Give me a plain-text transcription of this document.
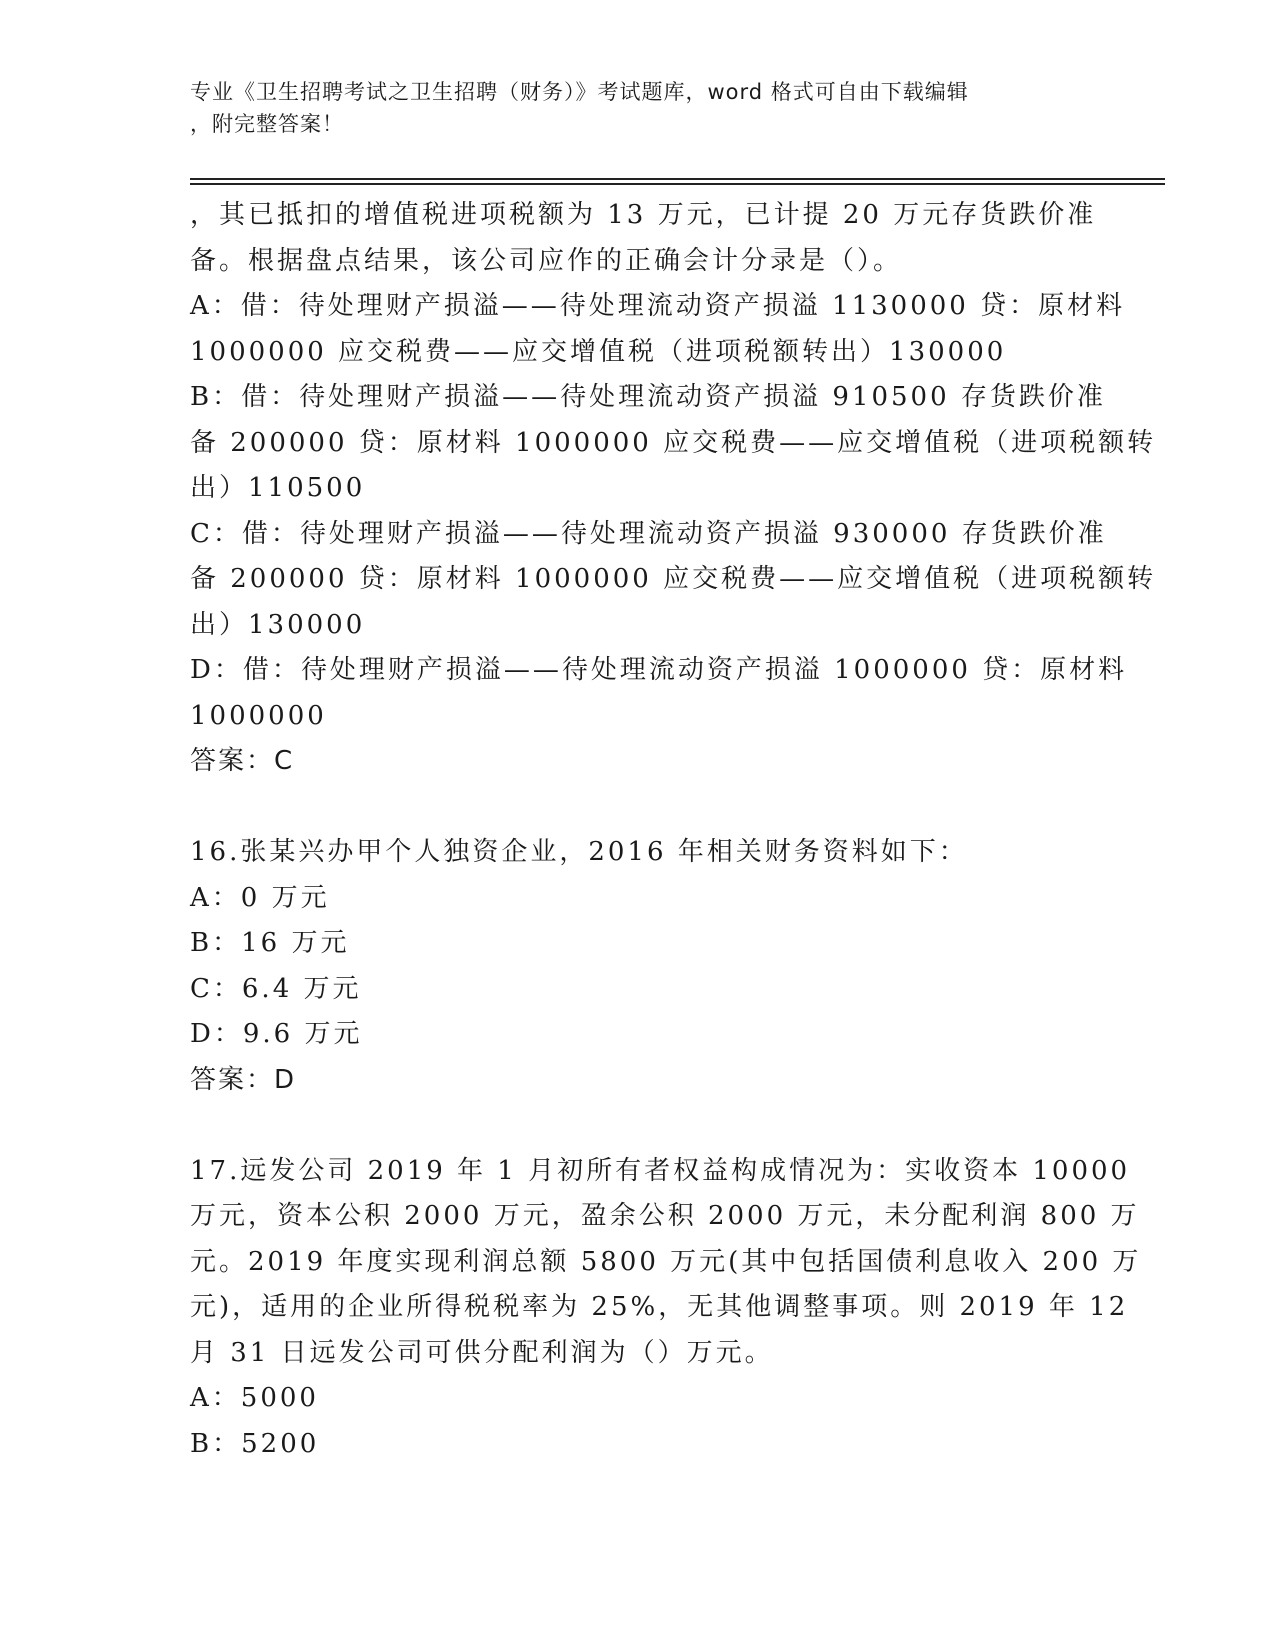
专业《卫生招聘考试之卫生招聘（财务）》考试题库，word 格式可自由下载编辑
，附完整答案！
，其已抵扣的增值税进项税额为 13 万元，已计提 20 万元存货跌价准
备。根据盘点结果，该公司应作的正确会计分录是（）。
A：借：待处理财产损溢——待处理流动资产损溢 1130000 贷：原材料
1000000 应交税费——应交增值税（进项税额转出）130000
B：借：待处理财产损溢——待处理流动资产损溢 910500 存货跌价准
备 200000 贷：原材料 1000000 应交税费——应交增值税（进项税额转
出）110500
C：借：待处理财产损溢——待处理流动资产损溢 930000 存货跌价准
备 200000 贷：原材料 1000000 应交税费——应交增值税（进项税额转
出）130000
D：借：待处理财产损溢——待处理流动资产损溢 1000000 贷：原材料
1000000
答案：C
16.张某兴办甲个人独资企业，2016 年相关财务资料如下：
A：0 万元
B：16 万元
C：6.4 万元
D：9.6 万元
答案：D
17.远发公司 2019 年 1 月初所有者权益构成情况为：实收资本 10000
万元，资本公积 2000 万元，盈余公积 2000 万元，未分配利润 800 万
元。2019 年度实现利润总额 5800 万元(其中包括国债利息收入 200 万
元)，适用的企业所得税税率为 25%，无其他调整事项。则 2019 年 12
月 31 日远发公司可供分配利润为（）万元。
A：5000
B：5200
